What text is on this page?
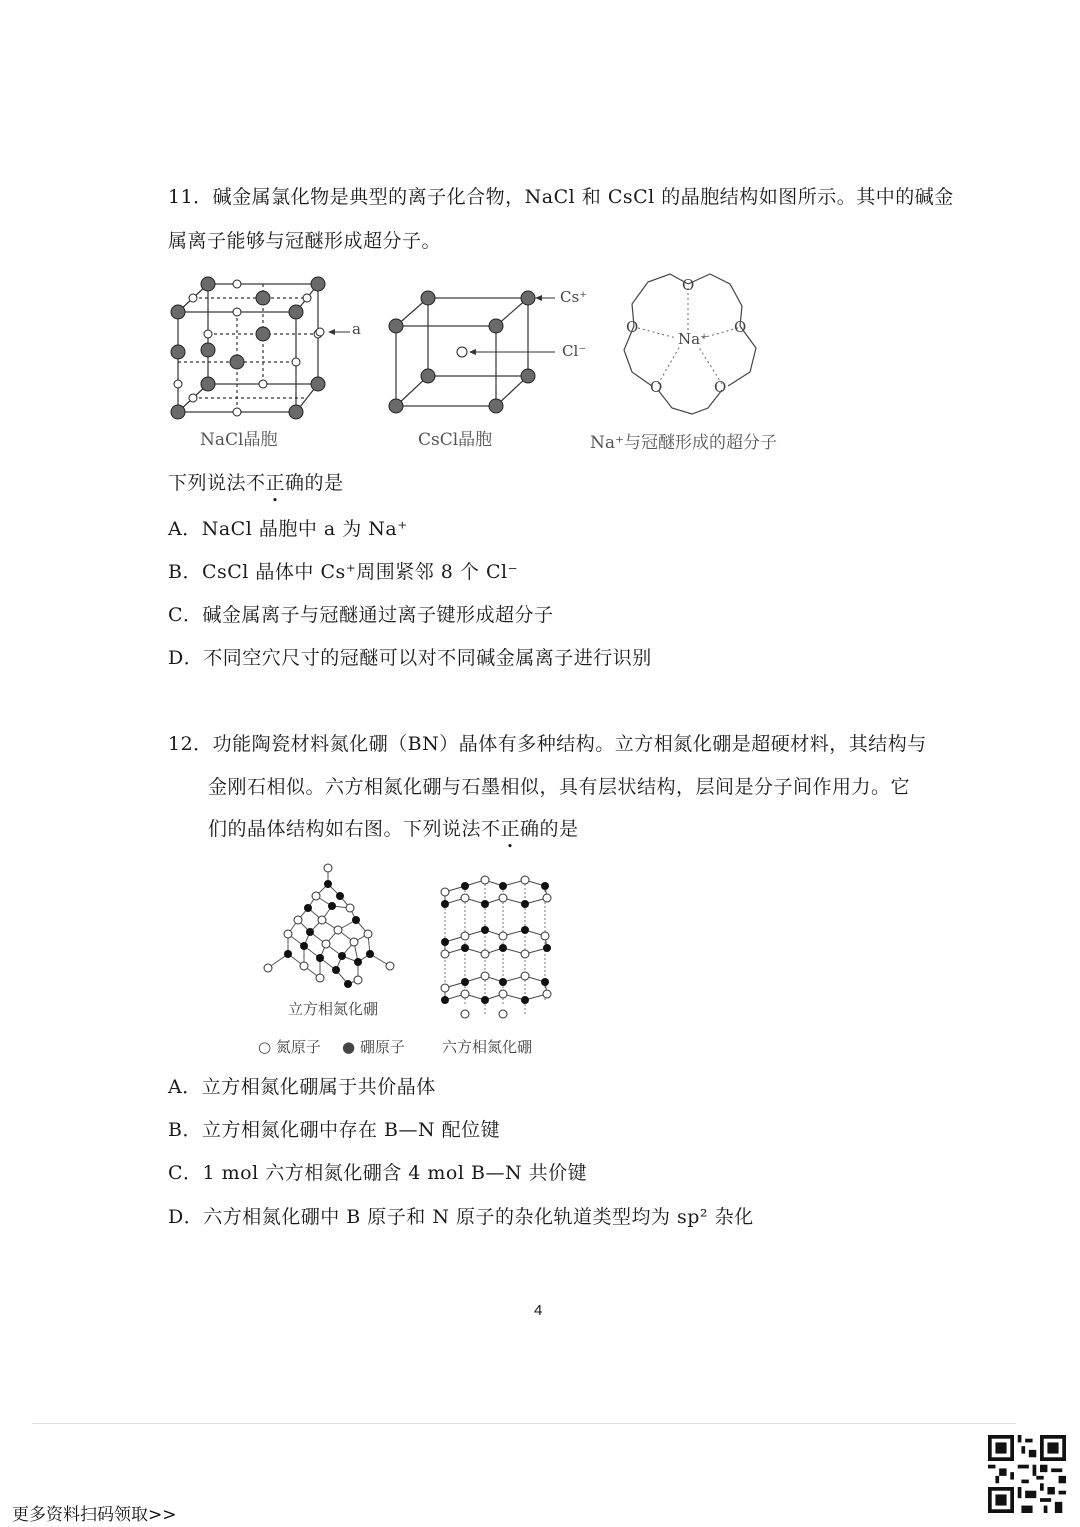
11．碱金属氯化物是典型的离子化合物，NaCl 和 CsCl 的晶胞结构如图所示。其中的碱金
属离子能够与冠醚形成超分子。
a
NaCl晶胞
Cs⁺
Cl⁻
CsCl晶胞
O
O	O
O	O
Na⁺
Na⁺与冠醚形成的超分子
下列说法不正确的是
A．NaCl 晶胞中 a 为 Na⁺
B．CsCl 晶体中 Cs⁺周围紧邻 8 个 Cl⁻
C．碱金属离子与冠醚通过离子键形成超分子
D．不同空穴尺寸的冠醚可以对不同碱金属离子进行识别
12．功能陶瓷材料氮化硼（BN）晶体有多种结构。立方相氮化硼是超硬材料，其结构与
金刚石相似。六方相氮化硼与石墨相似，具有层状结构，层间是分子间作用力。它
们的晶体结构如右图。下列说法不正确的是
立方相氮化硼
○ 氮原子 ● 硼原子 六方相氮化硼
A．立方相氮化硼属于共价晶体
B．立方相氮化硼中存在 B—N 配位键
C．1 mol 六方相氮化硼含 4 mol B—N 共价键
D．六方相氮化硼中 B 原子和 N 原子的杂化轨道类型均为 sp² 杂化
4
更多资料扫码领取>>
